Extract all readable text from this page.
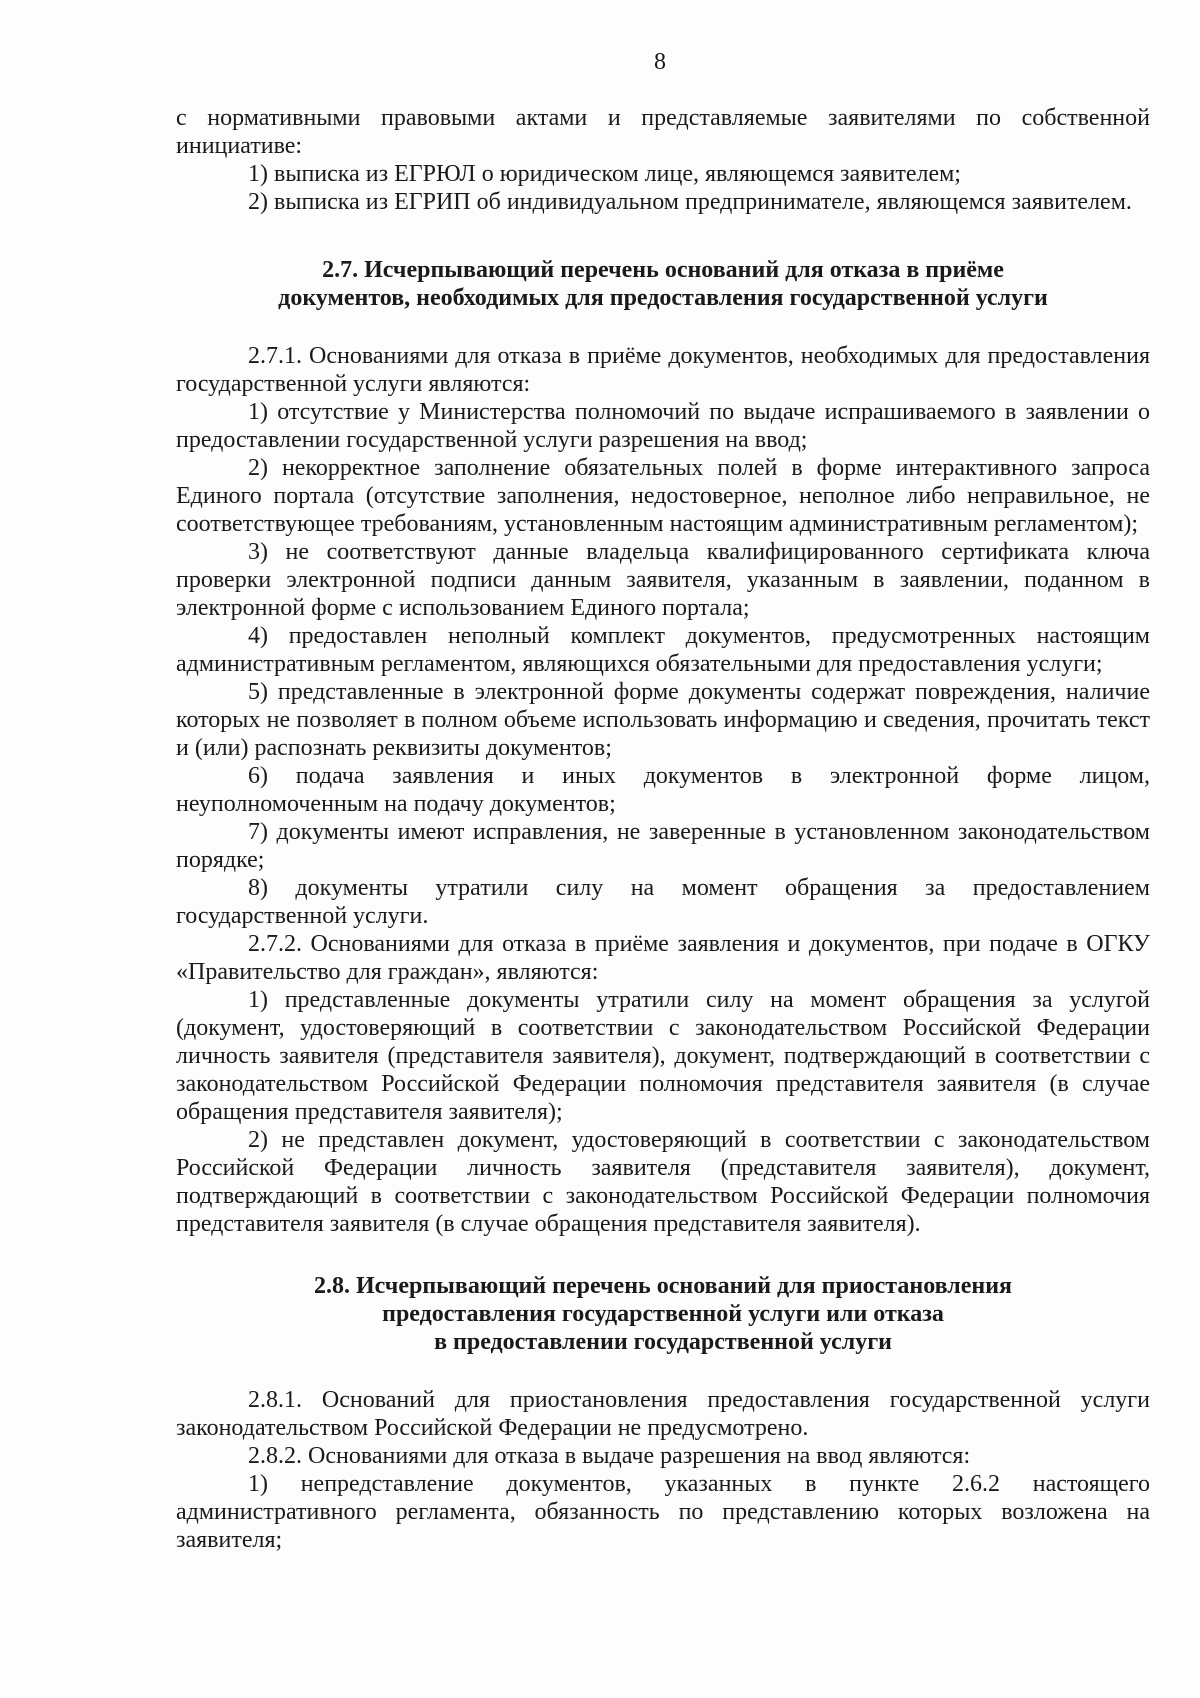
8

с нормативными правовыми актами и представляемые заявителями по собственной инициативе:

1) выписка из ЕГРЮЛ о юридическом лице, являющемся заявителем;

2) выписка из ЕГРИП об индивидуальном предпринимателе, являющемся заявителем.

2.7. Исчерпывающий перечень оснований для отказа в приёме
документов, необходимых для предоставления государственной услуги

2.7.1. Основаниями для отказа в приёме документов, необходимых для предоставления государственной услуги являются:

1) отсутствие у Министерства полномочий по выдаче испрашиваемого в заявлении о предоставлении государственной услуги разрешения на ввод;

2) некорректное заполнение обязательных полей в форме интерактивного запроса Единого портала (отсутствие заполнения, недостоверное, неполное либо неправильное, не соответствующее требованиям, установленным настоящим административным регламентом);

3) не соответствуют данные владельца квалифицированного сертификата ключа проверки электронной подписи данным заявителя, указанным в заявлении, поданном в электронной форме с использованием Единого портала;

4) предоставлен неполный комплект документов, предусмотренных настоящим административным регламентом, являющихся обязательными для предоставления услуги;

5) представленные в электронной форме документы содержат повреждения, наличие которых не позволяет в полном объеме использовать информацию и сведения, прочитать текст и (или) распознать реквизиты документов;

6) подача заявления и иных документов в электронной форме лицом, неуполномоченным на подачу документов;

7) документы имеют исправления, не заверенные в установленном законодательством порядке;

8) документы утратили силу на момент обращения за предоставлением государственной услуги.

2.7.2. Основаниями для отказа в приёме заявления и документов, при подаче в ОГКУ «Правительство для граждан», являются:

1) представленные документы утратили силу на момент обращения за услугой (документ, удостоверяющий в соответствии с законодательством Российской Федерации личность заявителя (представителя заявителя), документ, подтверждающий в соответствии с законодательством Российской Федерации полномочия представителя заявителя (в случае обращения представителя заявителя);

2) не представлен документ, удостоверяющий в соответствии с законодательством Российской Федерации личность заявителя (представителя заявителя), документ, подтверждающий в соответствии с законодательством Российской Федерации полномочия представителя заявителя (в случае обращения представителя заявителя).

2.8. Исчерпывающий перечень оснований для приостановления
предоставления государственной услуги или отказа
в предоставлении государственной услуги

2.8.1. Оснований для приостановления предоставления государственной услуги законодательством Российской Федерации не предусмотрено.

2.8.2. Основаниями для отказа в выдаче разрешения на ввод являются:

1) непредставление документов, указанных в пункте 2.6.2 настоящего административного регламента, обязанность по представлению которых возложена на заявителя;
